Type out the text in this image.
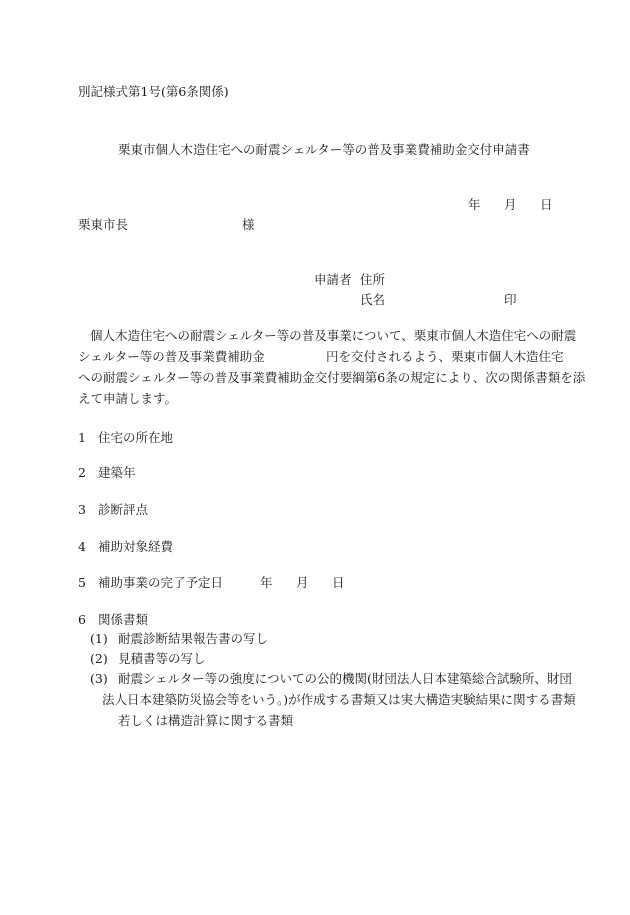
別記様式第1号(第6条関係)
栗東市個人木造住宅への耐震シェルター等の普及事業費補助金交付申請書
年 月 日
栗東市長	様
申請者 住所
氏名	印
個人木造住宅への耐震シェルター等の普及事業について、栗東市個人木造住宅への耐震
シェルター等の普及事業費補助金	円を交付されるよう、栗東市個人木造住宅
への耐震シェルター等の普及事業費補助金交付要綱第6条の規定により、次の関係書類を添
えて申請します。
1 住宅の所在地
2 建築年
3 診断評点
4 補助対象経費
5 補助事業の完了予定日	年 月 日
6 関係書類
(1) 耐震診断結果報告書の写し
(2) 見積書等の写し
(3) 耐震シェルター等の強度についての公的機関(財団法人日本建築総合試験所、財団
法人日本建築防災協会等をいう。)が作成する書類又は実大構造実験結果に関する書類
若しくは構造計算に関する書類
